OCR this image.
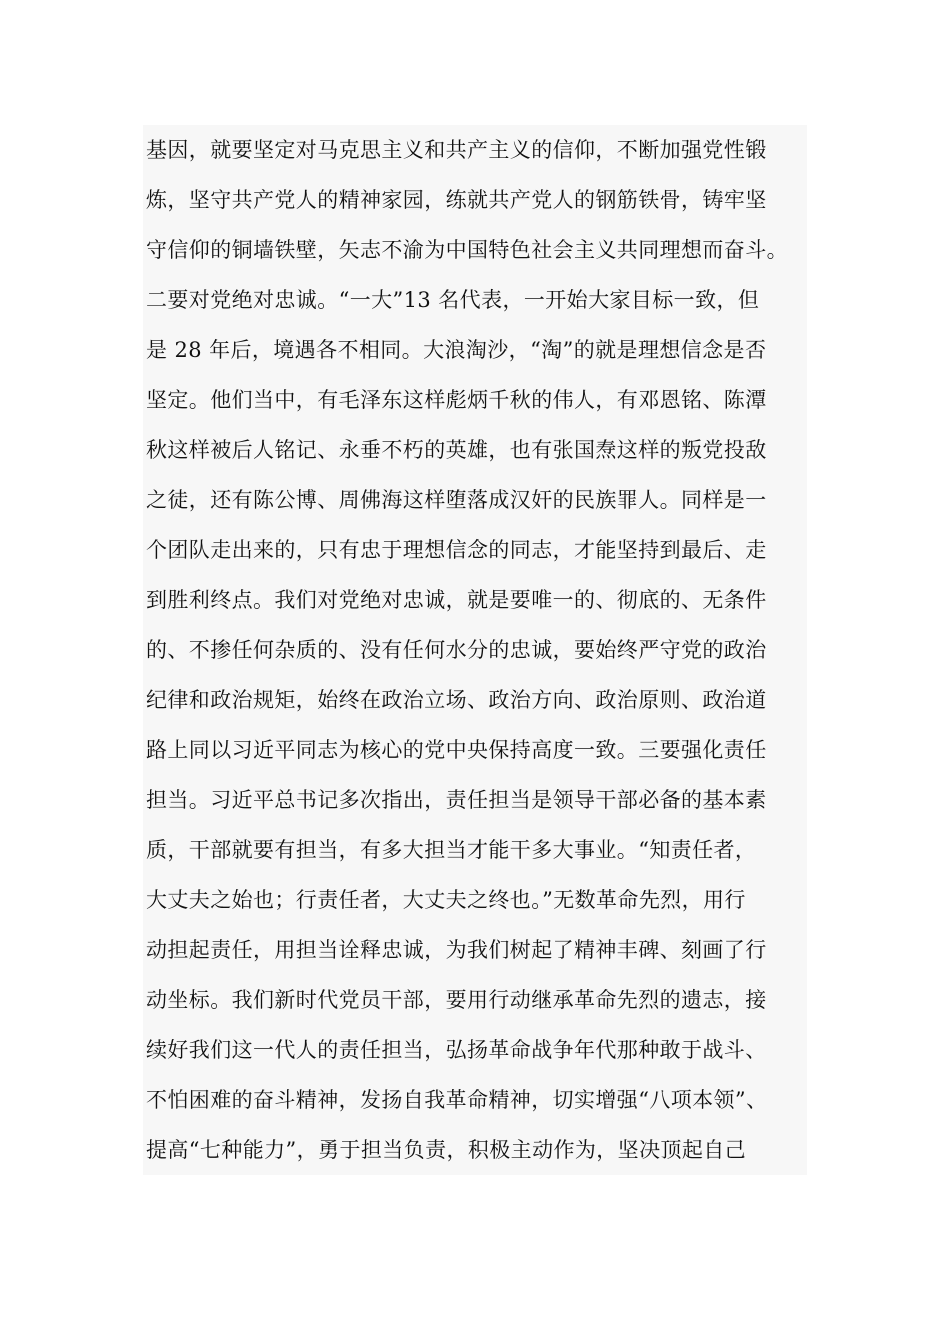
基因，就要坚定对马克思主义和共产主义的信仰，不断加强党性锻
炼，坚守共产党人的精神家园，练就共产党人的钢筋铁骨，铸牢坚
守信仰的铜墙铁壁，矢志不渝为中国特色社会主义共同理想而奋斗。
二要对党绝对忠诚。“一大”13 名代表，一开始大家目标一致，但
是 28 年后，境遇各不相同。大浪淘沙，“淘”的就是理想信念是否
坚定。他们当中，有毛泽东这样彪炳千秋的伟人，有邓恩铭、陈潭
秋这样被后人铭记、永垂不朽的英雄，也有张国焘这样的叛党投敌
之徒，还有陈公博、周佛海这样堕落成汉奸的民族罪人。同样是一
个团队走出来的，只有忠于理想信念的同志，才能坚持到最后、走
到胜利终点。我们对党绝对忠诚，就是要唯一的、彻底的、无条件
的、不掺任何杂质的、没有任何水分的忠诚，要始终严守党的政治
纪律和政治规矩，始终在政治立场、政治方向、政治原则、政治道
路上同以习近平同志为核心的党中央保持高度一致。三要强化责任
担当。习近平总书记多次指出，责任担当是领导干部必备的基本素
质，干部就要有担当，有多大担当才能干多大事业。“知责任者，
大丈夫之始也；行责任者，大丈夫之终也。”无数革命先烈，用行
动担起责任，用担当诠释忠诚，为我们树起了精神丰碑、刻画了行
动坐标。我们新时代党员干部，要用行动继承革命先烈的遗志，接
续好我们这一代人的责任担当，弘扬革命战争年代那种敢于战斗、
不怕困难的奋斗精神，发扬自我革命精神，切实增强“八项本领”、
提高“七种能力”，勇于担当负责，积极主动作为，坚决顶起自己
